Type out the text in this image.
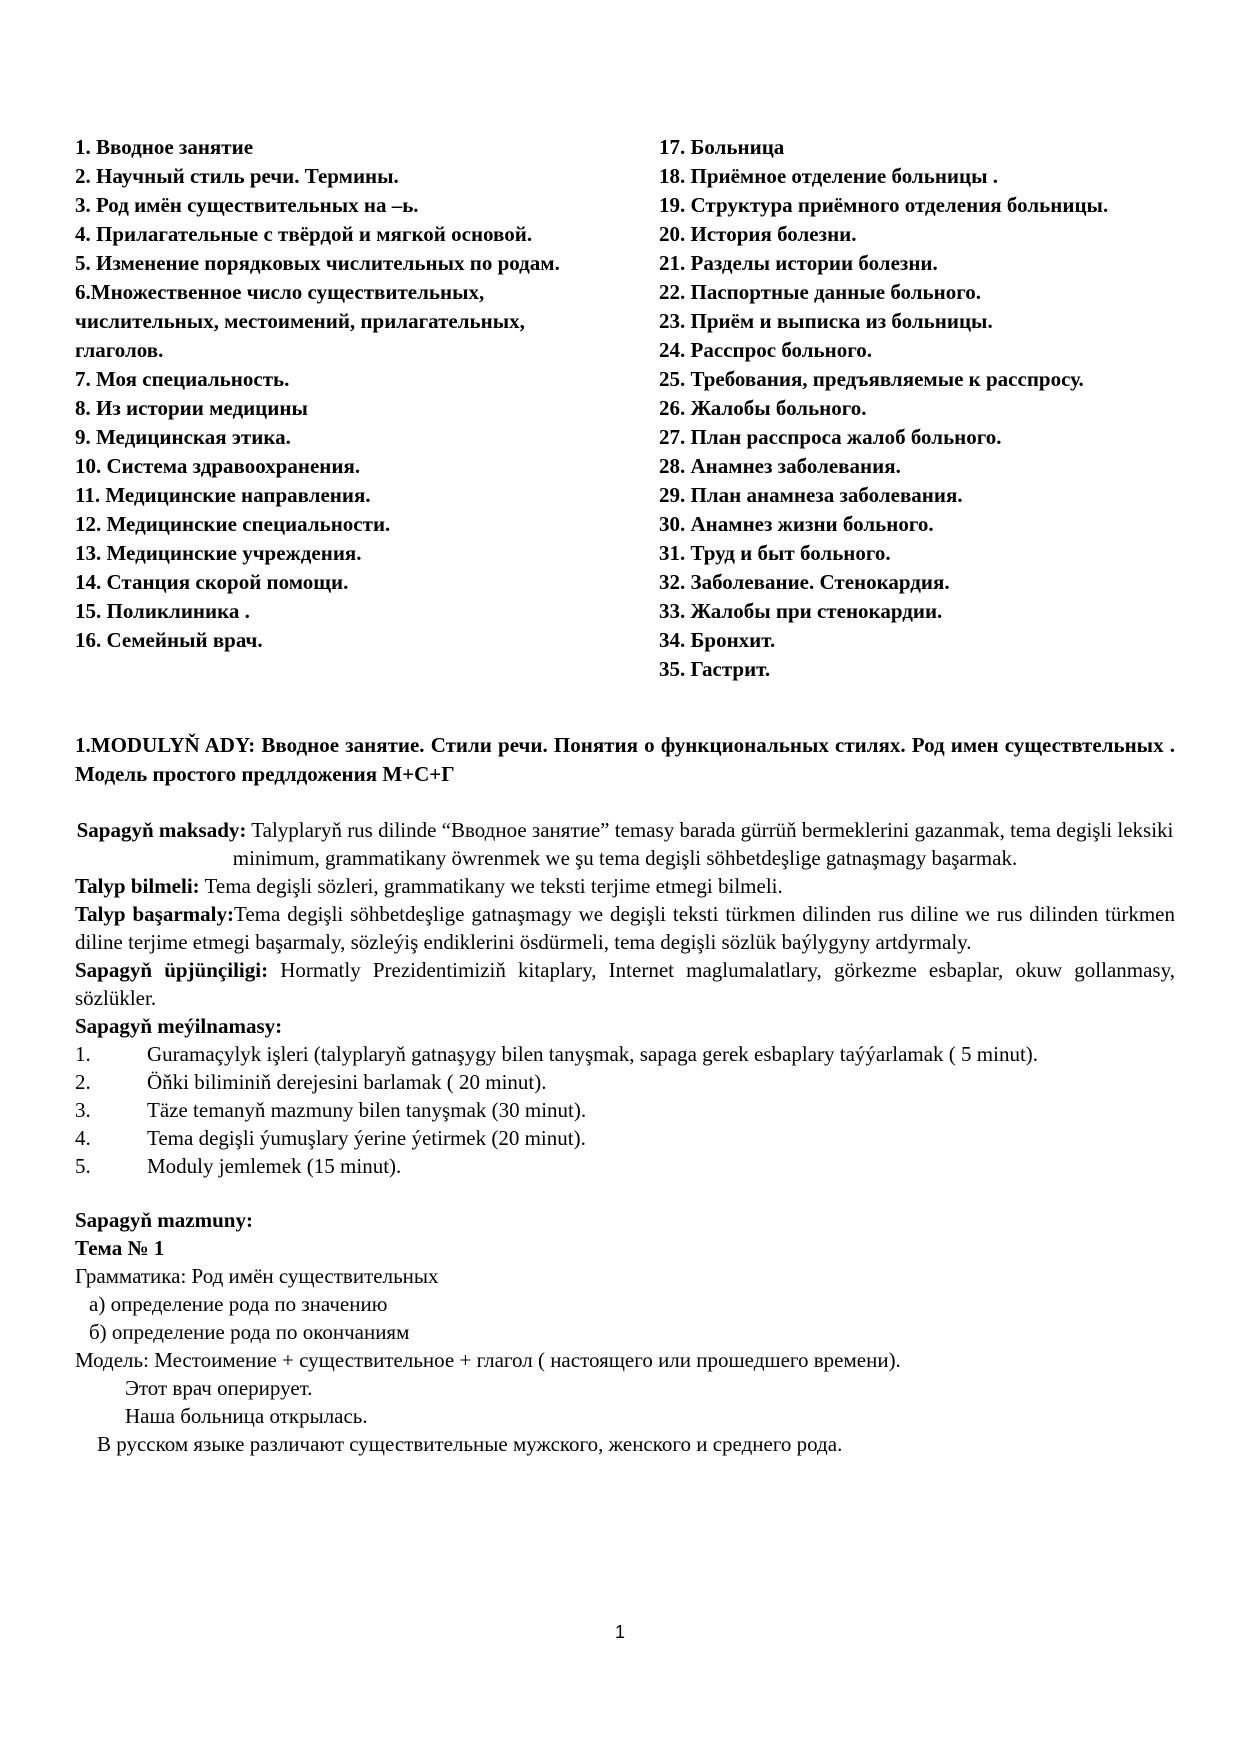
1. Вводное занятие

2. Научный стиль речи. Термины.

3. Род имён существительных на –ь.

4. Прилагательные с твёрдой и мягкой основой.

5. Изменение порядковых числительных по родам.

6.Множественное число существительных, числительных, местоимений, прилагательных, глаголов.

7. Моя специальность.

8. Из истории медицины

9. Медицинская этика.

10. Система здравоохранения.

11. Медицинские направления.

12. Медицинские специальности.

13. Медицинские учреждения.

14. Станция скорой помощи.

15. Поликлиника .

16. Семейный врач.

17. Больница

18. Приёмное отделение больницы .

19. Структура приёмного отделения больницы.

20. История болезни.

21. Разделы истории болезни.

22. Паспортные данные больного.

23. Приём и выписка из больницы.

24. Расспрос больного.

25. Требования, предъявляемые к расспросу.

26. Жалобы больного.

27. План расспроса жалоб больного.

28. Анамнез заболевания.

29. План анамнеза заболевания.

30. Анамнез жизни больного.

31. Труд и быт больного.

32. Заболевание. Стенокардия.

33. Жалобы при стенокардии.

34. Бронхит.

35. Гастрит.

1.MODULYŇ ADY: Вводное занятие. Стили речи. Понятия о функциональных стилях. Род имен существтельных . Модель простого предлдожения М+С+Г

Sapagyň maksady: Talyplaryň rus dilinde “Вводное занятие” temasy barada gürrüň bermeklerini gazanmak, tema degişli leksiki minimum, grammatikany öwrenmek we şu tema degişli söhbetdeşlige gatnaşmagy başarmak.

Talyp bilmeli: Tema degişli sözleri, grammatikany we teksti terjime etmegi bilmeli.

Talyp başarmaly:Tema degişli söhbetdeşlige gatnaşmagy we degişli teksti türkmen dilinden rus diline we rus dilinden türkmen diline terjime etmegi başarmaly, sözleýiş endiklerini ösdürmeli, tema degişli sözlük baýlygyny artdyrmaly.

Sapagyň üpjünçiligi: Hormatly Prezidentimiziň kitaplary, Internet maglumalatlary, görkezme esbaplar, okuw gollanmasy, sözlükler.

Sapagyň meýilnamasy:

1.	Guramaçylyk işleri (talyplaryň gatnaşygy bilen tanyşmak, sapaga gerek esbaplary taýýarlamak ( 5 minut).
2.	Öňki biliminiň derejesini barlamak ( 20 minut).
3.	Täze temanyň mazmuny bilen tanyşmak (30 minut).
4.	Tema degişli ýumuşlary ýerine ýetirmek (20 minut).
5.	Moduly jemlemek (15 minut).

Sapagyň mazmuny:

Тема № 1

Грамматика: Род имён существительных

а) определение рода по значению

б) определение рода по окончаниям

Модель: Местоимение + существительное + глагол ( настоящего или прошедшего времени).

Этот врач оперирует.

Наша больница открылась.

В русском языке различают существительные мужского, женского и среднего рода.

1
